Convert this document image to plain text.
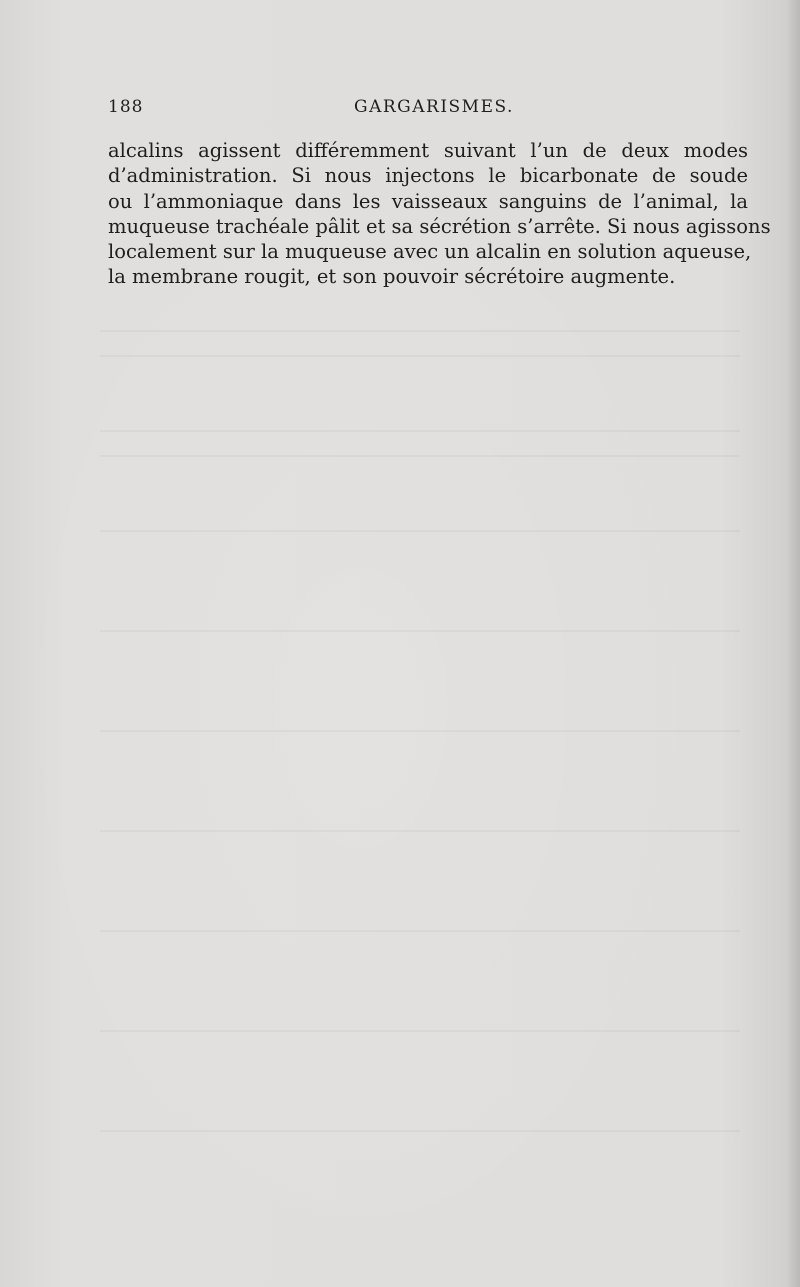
188	GARGARISMES.
alcalins agissent différemment suivant l’un de deux modes
d’administration. Si nous injectons le bicarbonate de soude
ou l’ammoniaque dans les vaisseaux sanguins de l’animal, la
muqueuse trachéale pâlit et sa sécrétion s’arrête. Si nous agissons
localement sur la muqueuse avec un alcalin en solution aqueuse,
la membrane rougit, et son pouvoir sécrétoire augmente.
